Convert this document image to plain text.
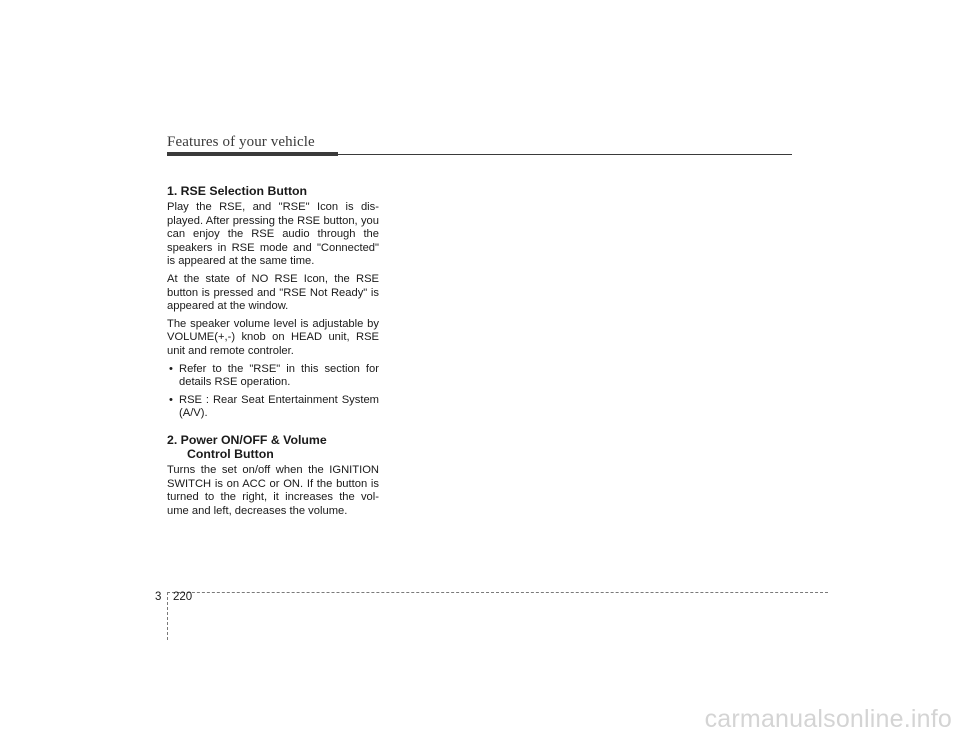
Features of your vehicle
1. RSE Selection Button
Play the RSE, and "RSE" Icon is dis-played. After pressing the RSE button, you can enjoy the RSE audio through the speakers in RSE mode and "Connected" is appeared at the same time.
At the state of NO RSE Icon, the RSE button is pressed and "RSE Not Ready" is appeared at the window.
The speaker volume level is adjustable by VOLUME(+,-) knob on HEAD unit, RSE unit and remote controler.
• Refer to the "RSE" in this section for details RSE operation.
• RSE : Rear Seat Entertainment System (A/V).
2. Power ON/OFF & Volume
Control Button
Turns the set on/off when the IGNITION SWITCH is on ACC or ON. If the button is turned to the right, it increases the vol-ume and left, decreases the volume.
3 220
carmanualsonline.info
